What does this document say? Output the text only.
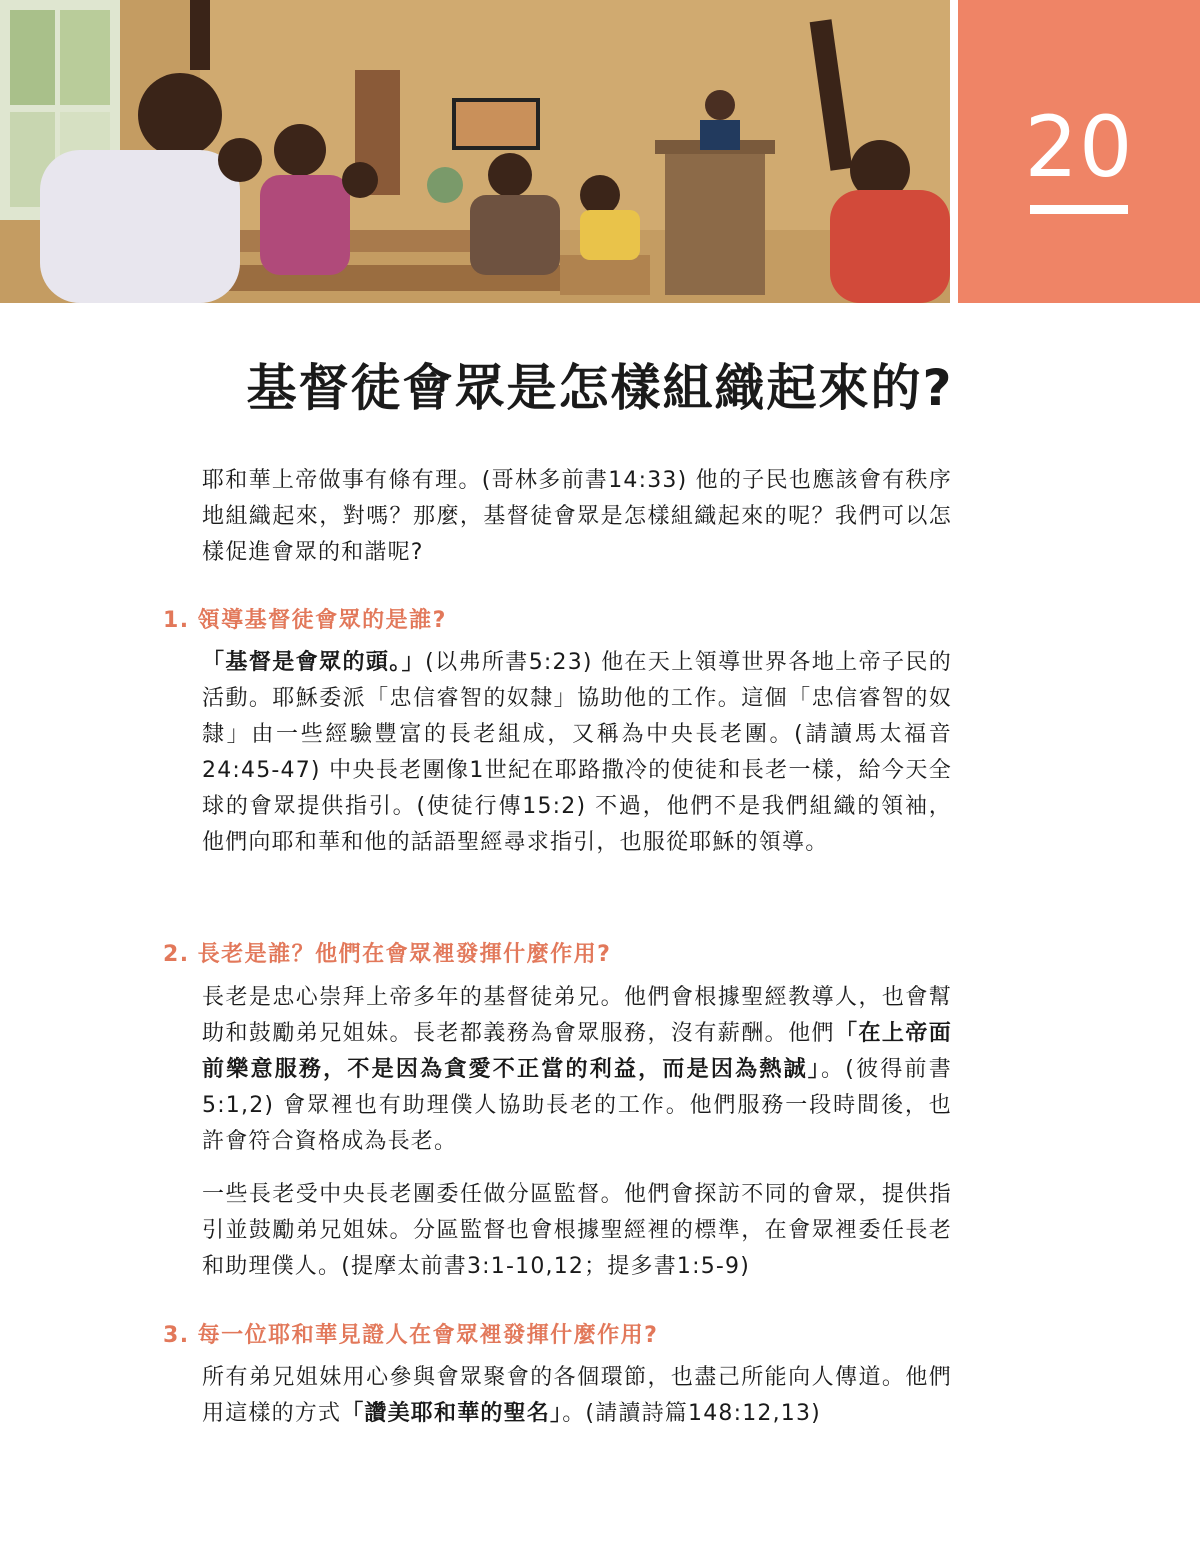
20
基督徒會眾是怎樣組織起來的?

耶和華上帝做事有條有理。(哥林多前書14:33) 他的子民也應該會有秩序地組織起來，對嗎？那麼，基督徒會眾是怎樣組織起來的呢？我們可以怎樣促進會眾的和諧呢?

1. 領導基督徒會眾的是誰?

「基督是會眾的頭。」(以弗所書5:23) 他在天上領導世界各地上帝子民的活動。耶穌委派「忠信睿智的奴隸」協助他的工作。這個「忠信睿智的奴隸」由一些經驗豐富的長老組成，又稱為中央長老團。(請讀馬太福音24:45-47) 中央長老團像1世紀在耶路撒冷的使徒和長老一樣，給今天全球的會眾提供指引。(使徒行傳15:2) 不過，他們不是我們組織的領袖，他們向耶和華和他的話語聖經尋求指引，也服從耶穌的領導。

2. 長老是誰？他們在會眾裡發揮什麼作用?

長老是忠心崇拜上帝多年的基督徒弟兄。他們會根據聖經教導人，也會幫助和鼓勵弟兄姐妹。長老都義務為會眾服務，沒有薪酬。他們「在上帝面前樂意服務，不是因為貪愛不正當的利益，而是因為熱誠」。(彼得前書5:1,2) 會眾裡也有助理僕人協助長老的工作。他們服務一段時間後，也許會符合資格成為長老。

一些長老受中央長老團委任做分區監督。他們會探訪不同的會眾，提供指引並鼓勵弟兄姐妹。分區監督也會根據聖經裡的標準，在會眾裡委任長老和助理僕人。(提摩太前書3:1-10,12；提多書1:5-9)

3. 每一位耶和華見證人在會眾裡發揮什麼作用?

所有弟兄姐妹用心參與會眾聚會的各個環節，也盡己所能向人傳道。他們用這樣的方式「讚美耶和華的聖名」。(請讀詩篇148:12,13)
